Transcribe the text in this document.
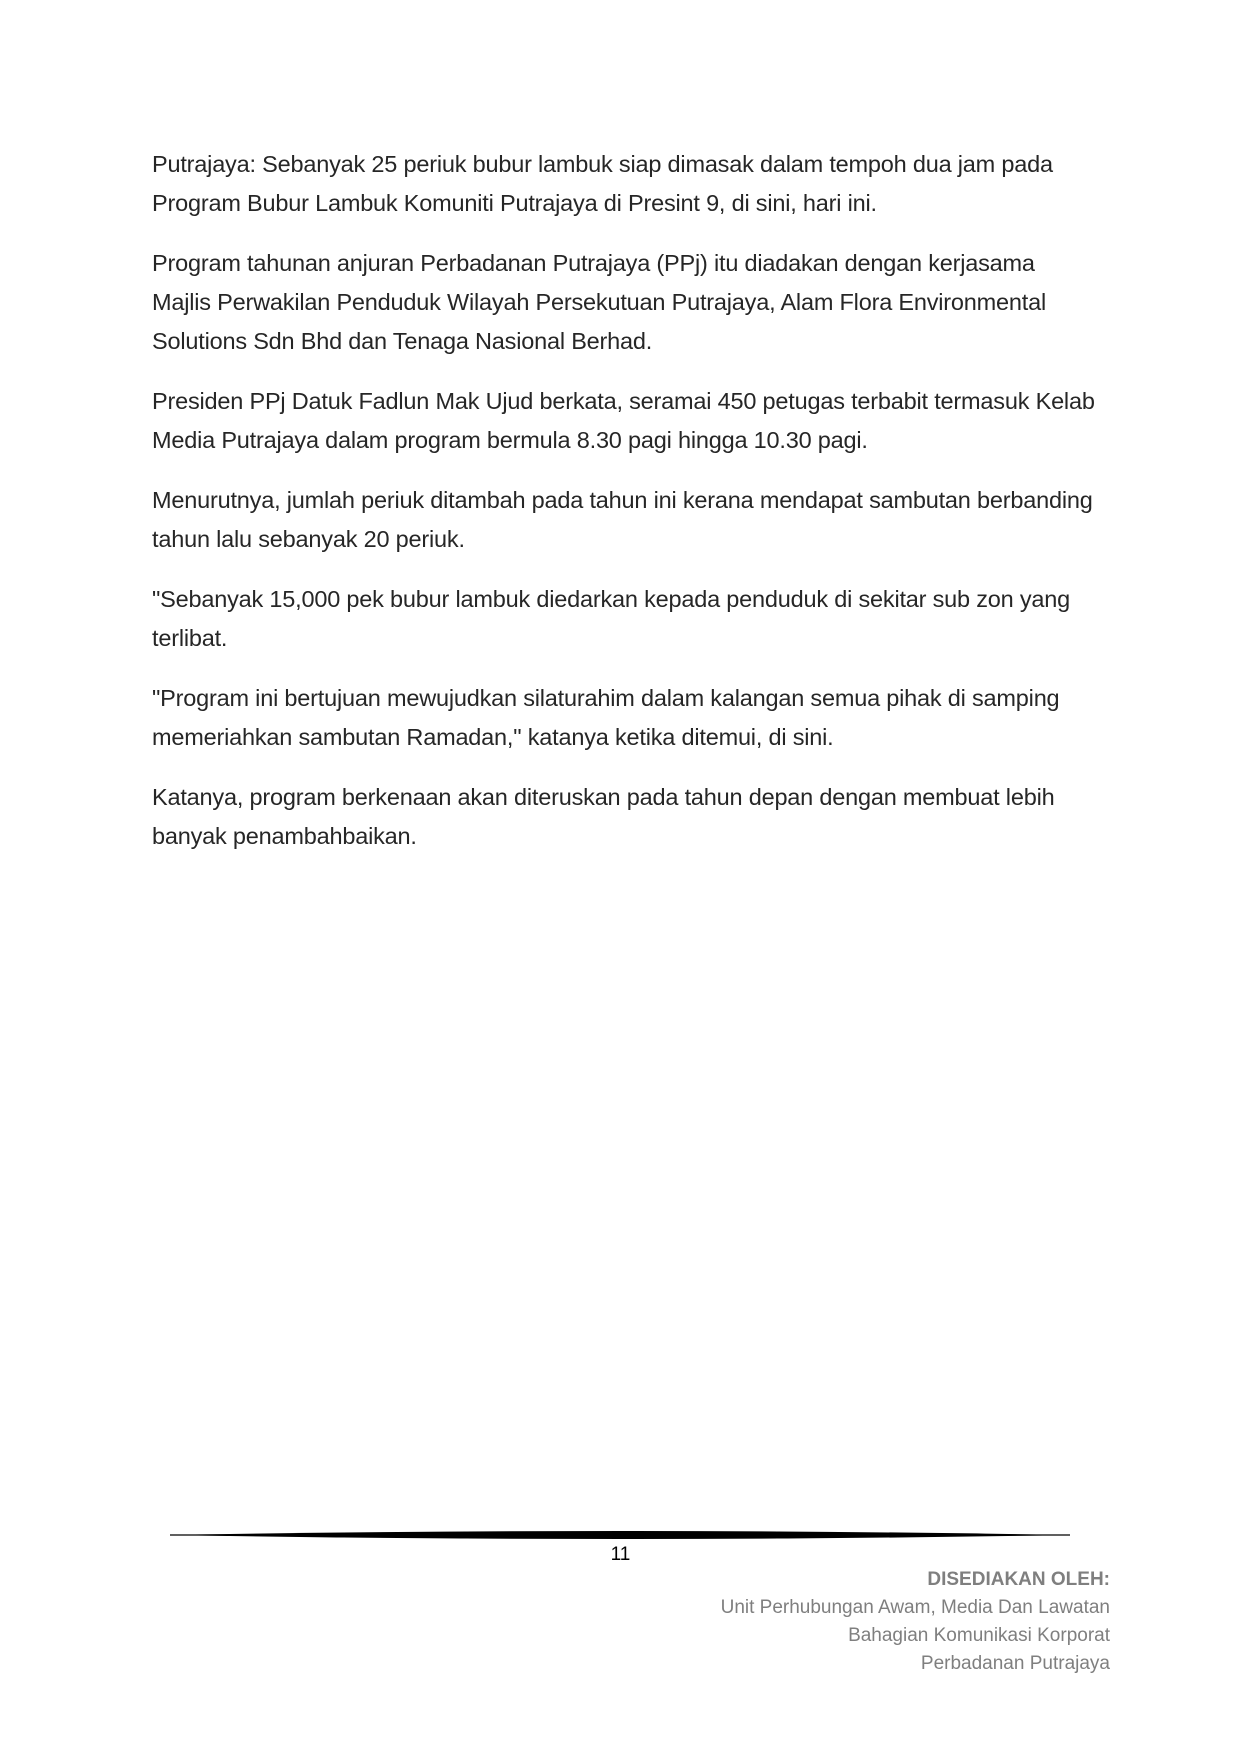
Putrajaya: Sebanyak 25 periuk bubur lambuk siap dimasak dalam tempoh dua jam pada Program Bubur Lambuk Komuniti Putrajaya di Presint 9, di sini, hari ini.

Program tahunan anjuran Perbadanan Putrajaya (PPj) itu diadakan dengan kerjasama Majlis Perwakilan Penduduk Wilayah Persekutuan Putrajaya, Alam Flora Environmental Solutions Sdn Bhd dan Tenaga Nasional Berhad.

Presiden PPj Datuk Fadlun Mak Ujud berkata, seramai 450 petugas terbabit termasuk Kelab Media Putrajaya dalam program bermula 8.30 pagi hingga 10.30 pagi.

Menurutnya, jumlah periuk ditambah pada tahun ini kerana mendapat sambutan berbanding tahun lalu sebanyak 20 periuk.

"Sebanyak 15,000 pek bubur lambuk diedarkan kepada penduduk di sekitar sub zon yang terlibat.

"Program ini bertujuan mewujudkan silaturahim dalam kalangan semua pihak di samping memeriahkan sambutan Ramadan," katanya ketika ditemui, di sini.

Katanya, program berkenaan akan diteruskan pada tahun depan dengan membuat lebih banyak penambahbaikan.

11
DISEDIAKAN OLEH:
Unit Perhubungan Awam, Media Dan Lawatan
Bahagian Komunikasi Korporat
Perbadanan Putrajaya
